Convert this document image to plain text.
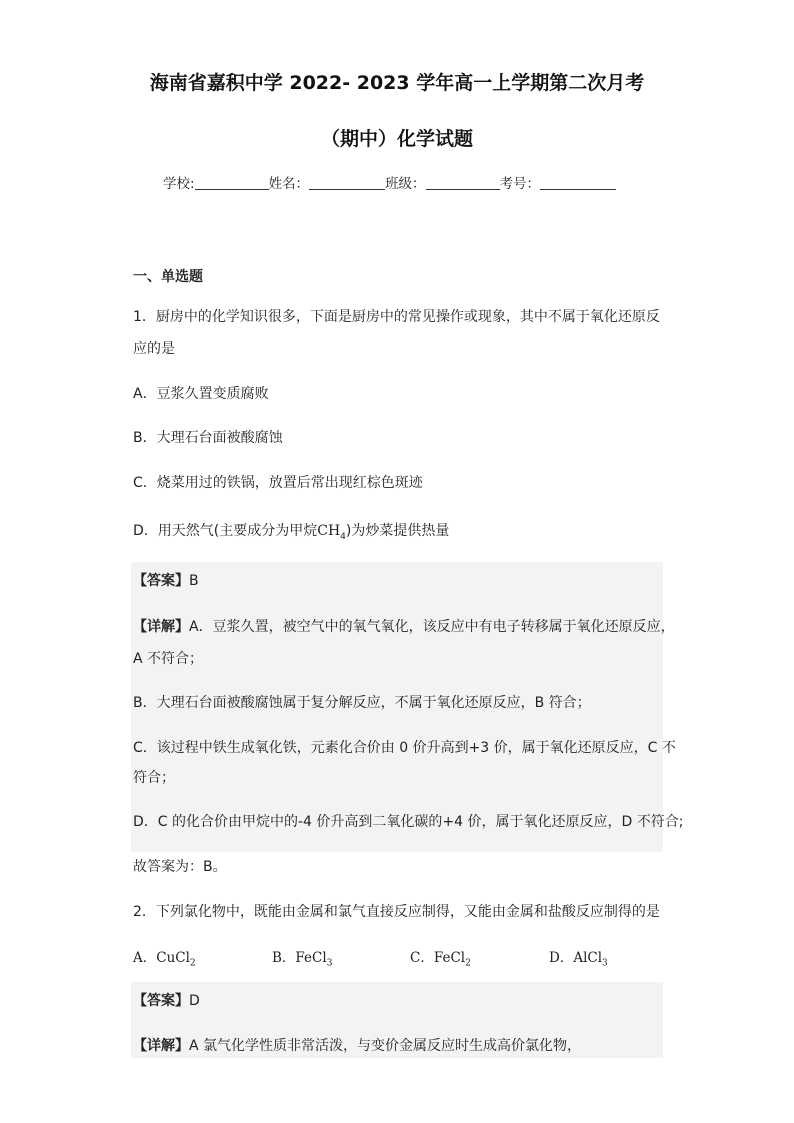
海南省嘉积中学 2022- 2023 学年高一上学期第二次月考
（期中）化学试题
学校:	姓名：	班级：	考号：
一、单选题
1．厨房中的化学知识很多，下面是厨房中的常见操作或现象，其中不属于氧化还原反
应的是
A．豆浆久置变质腐败
B．大理石台面被酸腐蚀
C．烧菜用过的铁锅，放置后常出现红棕色斑迹
D．用天然气(主要成分为甲烷$CH_4$)为炒菜提供热量
【答案】B
【详解】A．豆浆久置，被空气中的氧气氧化，该反应中有电子转移属于氧化还原反应，
A 不符合；
B．大理石台面被酸腐蚀属于复分解反应，不属于氧化还原反应，B 符合；
C．该过程中铁生成氧化铁，元素化合价由 0 价升高到+3 价，属于氧化还原反应，C 不
符合；
D．C 的化合价由甲烷中的-4 价升高到二氧化碳的+4 价，属于氧化还原反应，D 不符合;
故答案为：B。
2．下列氯化物中，既能由金属和氯气直接反应制得，又能由金属和盐酸反应制得的是
A．CuCl$_2$	B．FeCl$_3$	C．FeCl$_2$	D．AlCl$_3$
【答案】D
【详解】A 氯气化学性质非常活泼，与变价金属反应时生成高价氯化物，
